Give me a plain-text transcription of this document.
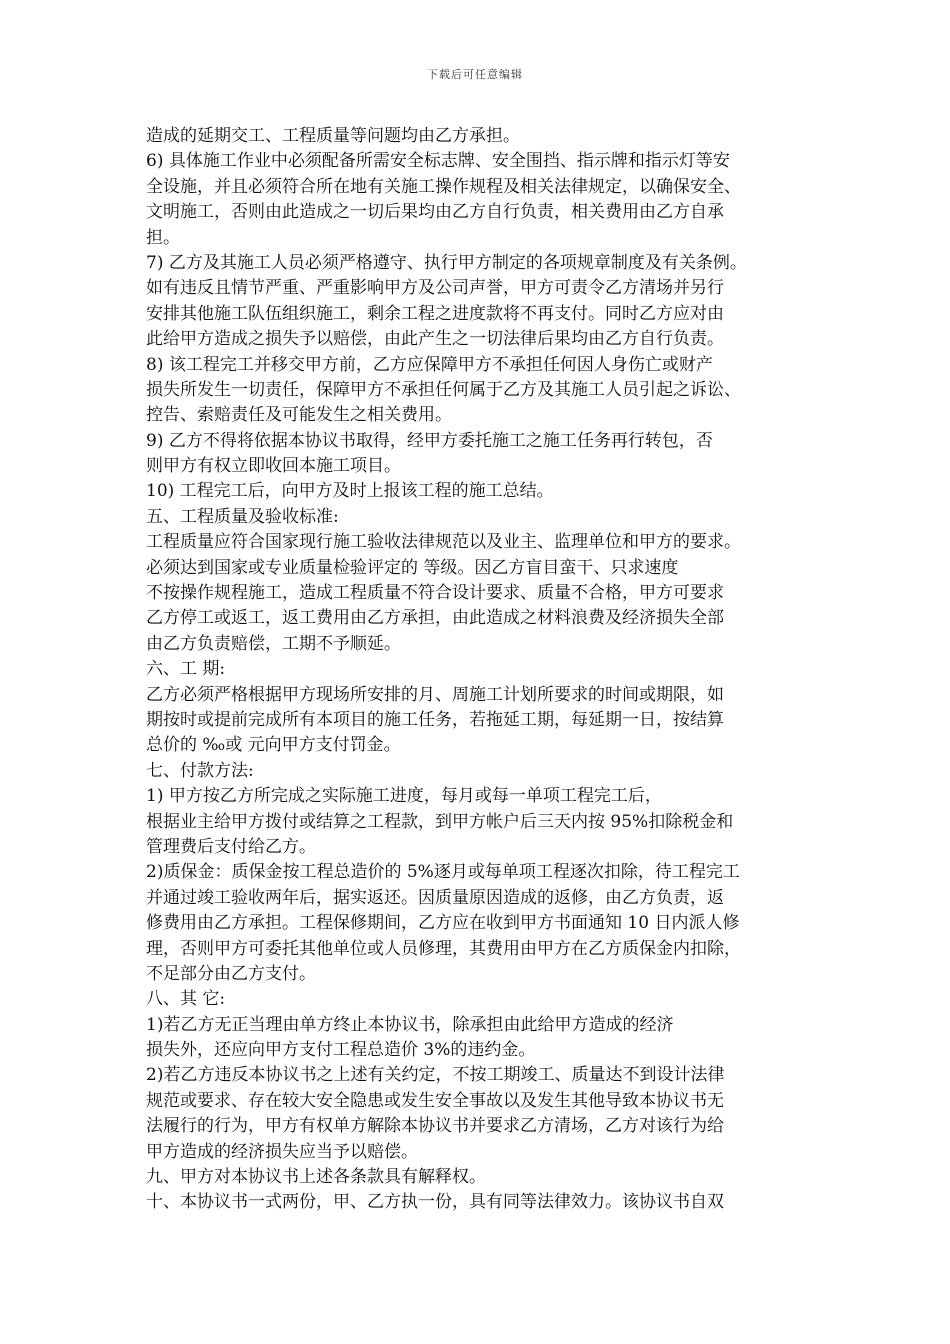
下载后可任意编辑
造成的延期交工、工程质量等问题均由乙方承担。
6) 具体施工作业中必须配备所需安全标志牌、安全围挡、指示牌和指示灯等安
全设施，并且必须符合所在地有关施工操作规程及相关法律规定，以确保安全、
文明施工，否则由此造成之一切后果均由乙方自行负责，相关费用由乙方自承
担。
7) 乙方及其施工人员必须严格遵守、执行甲方制定的各项规章制度及有关条例。
如有违反且情节严重、严重影响甲方及公司声誉，甲方可责令乙方清场并另行
安排其他施工队伍组织施工，剩余工程之进度款将不再支付。同时乙方应对由
此给甲方造成之损失予以赔偿，由此产生之一切法律后果均由乙方自行负责。
8) 该工程完工并移交甲方前，乙方应保障甲方不承担任何因人身伤亡或财产
损失所发生一切责任，保障甲方不承担任何属于乙方及其施工人员引起之诉讼、
控告、索赔责任及可能发生之相关费用。
9) 乙方不得将依据本协议书取得，经甲方委托施工之施工任务再行转包，否
则甲方有权立即收回本施工项目。
10) 工程完工后，向甲方及时上报该工程的施工总结。
五、工程质量及验收标准:
工程质量应符合国家现行施工验收法律规范以及业主、监理单位和甲方的要求。
必须达到国家或专业质量检验评定的 等级。因乙方盲目蛮干、只求速度
不按操作规程施工，造成工程质量不符合设计要求、质量不合格，甲方可要求
乙方停工或返工，返工费用由乙方承担，由此造成之材料浪费及经济损失全部
由乙方负责赔偿，工期不予顺延。
六、工 期:
乙方必须严格根据甲方现场所安排的月、周施工计划所要求的时间或期限，如
期按时或提前完成所有本项目的施工任务，若拖延工期，每延期一日，按结算
总价的 ‰或 元向甲方支付罚金。
七、付款方法:
1) 甲方按乙方所完成之实际施工进度，每月或每一单项工程完工后，
根据业主给甲方拨付或结算之工程款，到甲方帐户后三天内按 95%扣除税金和
管理费后支付给乙方。
2)质保金：质保金按工程总造价的 5%逐月或每单项工程逐次扣除，待工程完工
并通过竣工验收两年后，据实返还。因质量原因造成的返修，由乙方负责，返
修费用由乙方承担。工程保修期间，乙方应在收到甲方书面通知 10 日内派人修
理，否则甲方可委托其他单位或人员修理，其费用由甲方在乙方质保金内扣除，
不足部分由乙方支付。
八、其 它:
1)若乙方无正当理由单方终止本协议书，除承担由此给甲方造成的经济
损失外，还应向甲方支付工程总造价 3%的违约金。
2)若乙方违反本协议书之上述有关约定，不按工期竣工、质量达不到设计法律
规范或要求、存在较大安全隐患或发生安全事故以及发生其他导致本协议书无
法履行的行为，甲方有权单方解除本协议书并要求乙方清场，乙方对该行为给
甲方造成的经济损失应当予以赔偿。
九、甲方对本协议书上述各条款具有解释权。
十、本协议书一式两份，甲、乙方执一份，具有同等法律效力。该协议书自双
